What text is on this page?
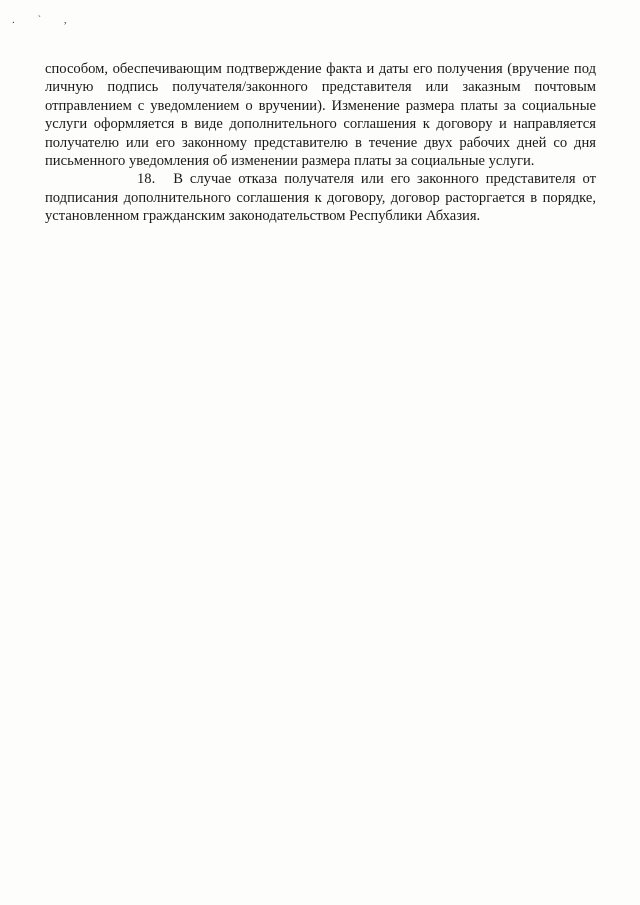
. ` ,

способом, обеспечивающим подтверждение факта и даты его получения (вручение под личную подпись получателя/законного представителя или заказным почтовым отправлением с уведомлением о вручении). Изменение размера платы за социальные услуги оформляется в виде дополнительного соглашения к договору и направляется получателю или его законному представителю в течение двух рабочих дней со дня письменного уведомления об изменении размера платы за социальные услуги.

18. В случае отказа получателя или его законного представителя от подписания дополнительного соглашения к договору, договор расторгается в порядке, установленном гражданским законодательством Республики Абхазия.
